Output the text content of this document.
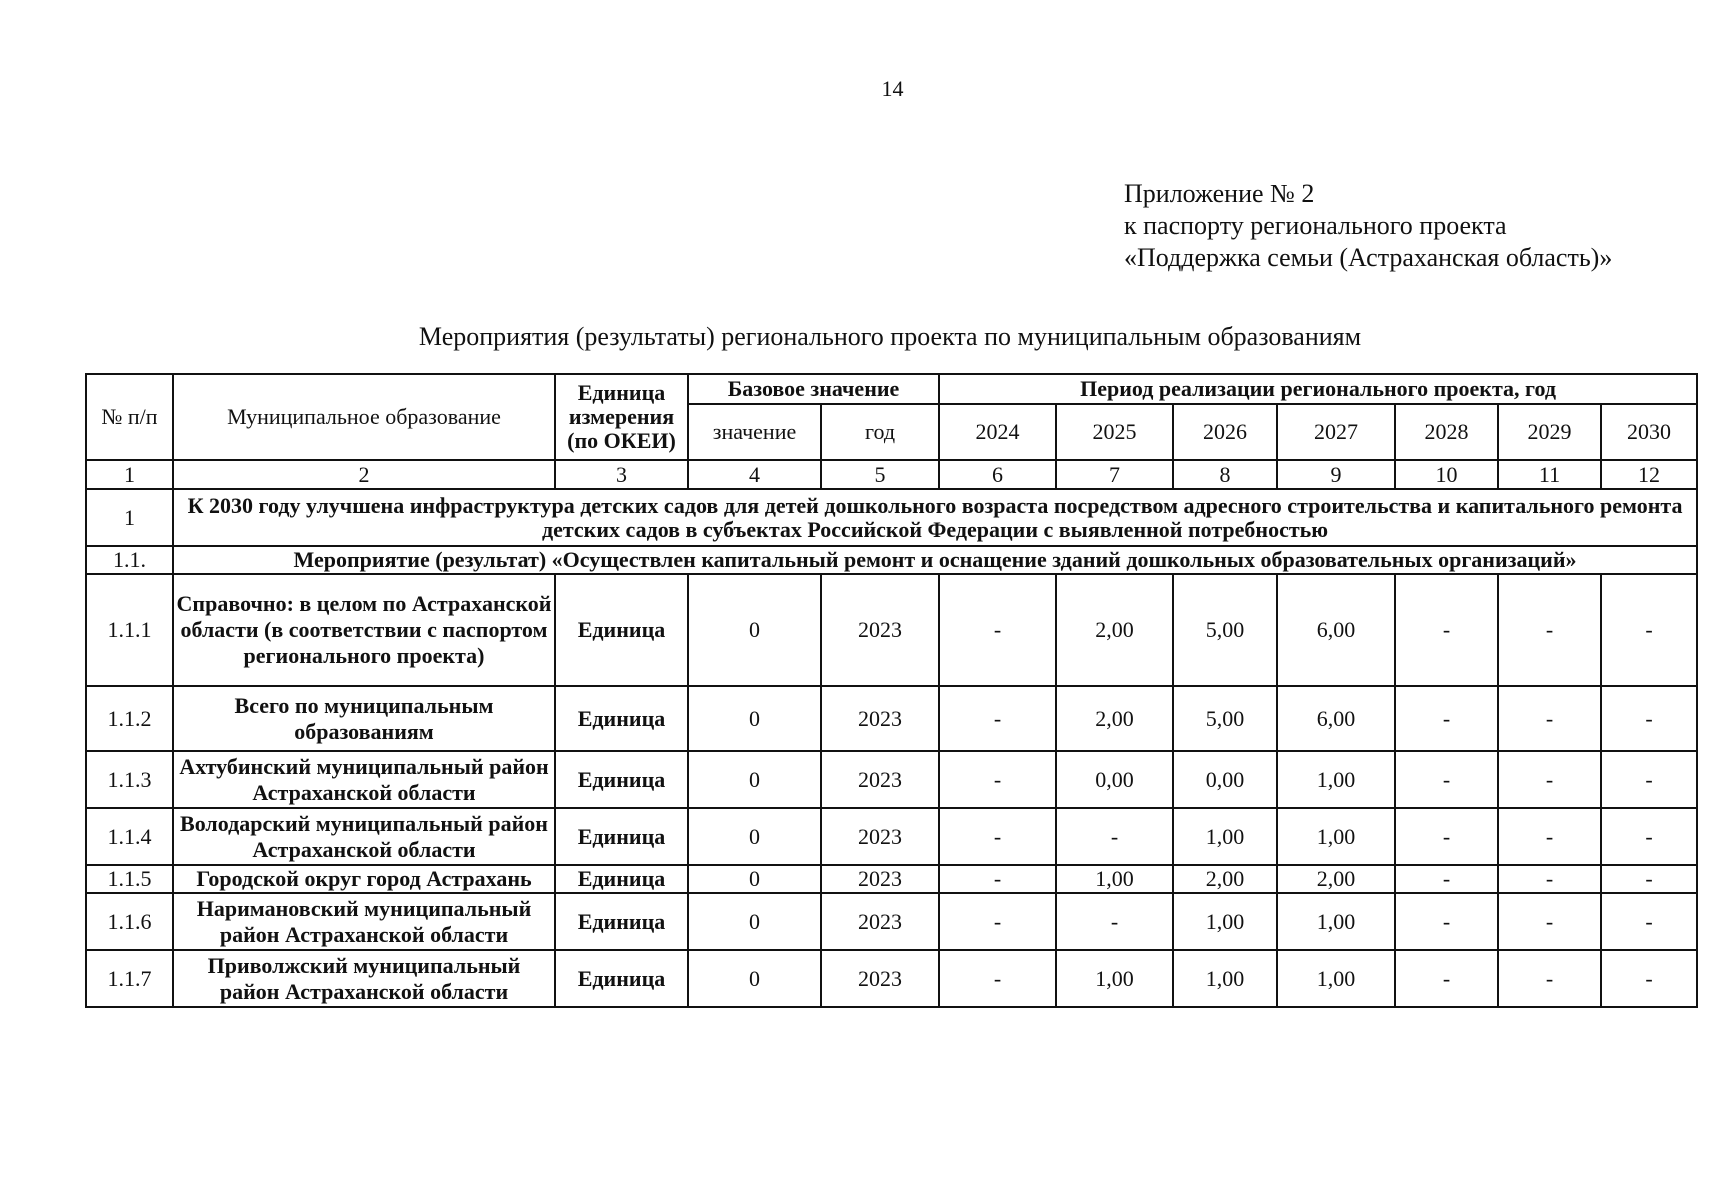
14
Приложение № 2
к паспорту регионального проекта
«Поддержка семьи (Астраханская область)»
Мероприятия (результаты) регионального проекта по муниципальным образованиям
№ п/п	Муниципальное образование	Единица измерения (по ОКЕИ)	Базовое значение		Период реализации регионального проекта, год						
			значение	год	2024	2025	2026	2027	2028	2029	2030
1	2	3	4	5	6	7	8	9	10	11	12
1	К 2030 году улучшена инфраструктура детских садов для детей дошкольного возраста посредством адресного строительства и капитального ремонта детских садов в субъектах Российской Федерации с выявленной потребностью										
1.1.	Мероприятие (результат) «Осуществлен капитальный ремонт и оснащение зданий дошкольных образовательных организаций»										
1.1.1	Справочно: в целом по Астраханской области (в соответствии с паспортом регионального проекта)	Единица	0	2023	-	2,00	5,00	6,00	-	-	-
1.1.2	Всего по муниципальным образованиям	Единица	0	2023	-	2,00	5,00	6,00	-	-	-
1.1.3	Ахтубинский муниципальный район Астраханской области	Единица	0	2023	-	0,00	0,00	1,00	-	-	-
1.1.4	Володарский муниципальный район Астраханской области	Единица	0	2023	-	-	1,00	1,00	-	-	-
1.1.5	Городской округ город Астрахань	Единица	0	2023	-	1,00	2,00	2,00	-	-	-
1.1.6	Наримановский муниципальный район Астраханской области	Единица	0	2023	-	-	1,00	1,00	-	-	-
1.1.7	Приволжский муниципальный район Астраханской области	Единица	0	2023	-	1,00	1,00	1,00	-	-	-
